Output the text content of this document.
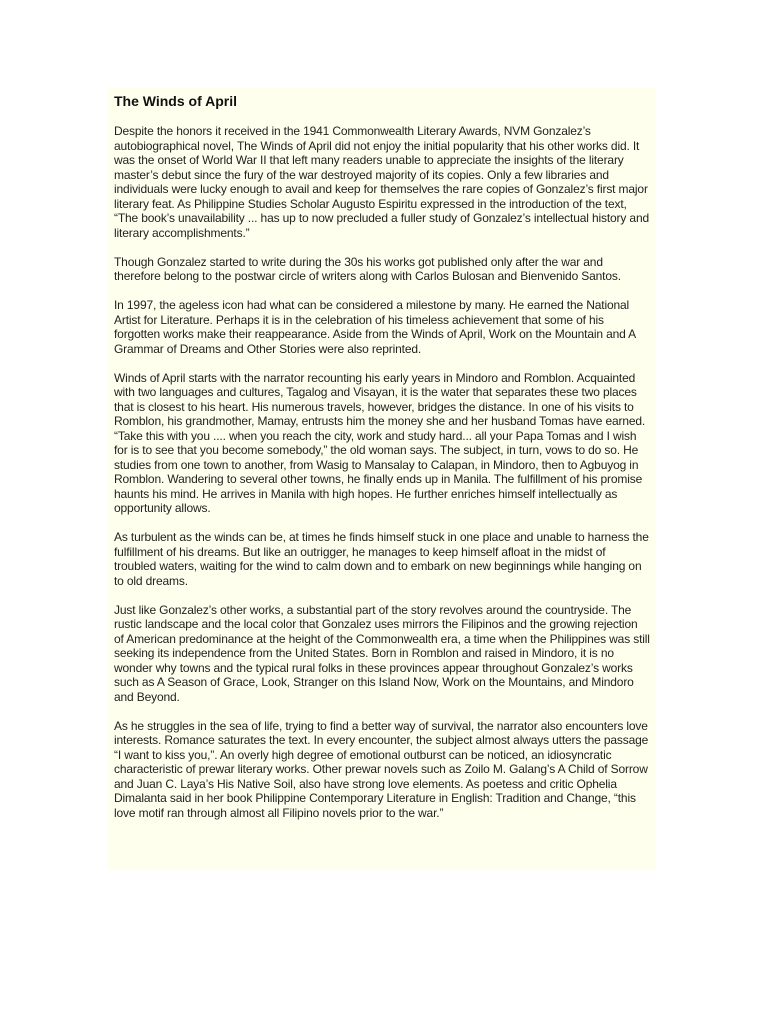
The Winds of April

Despite the honors it received in the 1941 Commonwealth Literary Awards, NVM Gonzalez’s autobiographical novel, The Winds of April did not enjoy the initial popularity that his other works did. It was the onset of World War II that left many readers unable to appreciate the insights of the literary master’s debut since the fury of the war destroyed majority of its copies. Only a few libraries and individuals were lucky enough to avail and keep for themselves the rare copies of Gonzalez’s first major literary feat. As Philippine Studies Scholar Augusto Espiritu expressed in the introduction of the text, “The book’s unavailability ... has up to now precluded a fuller study of Gonzalez’s intellectual history and literary accomplishments.”

Though Gonzalez started to write during the 30s his works got published only after the war and therefore belong to the postwar circle of writers along with Carlos Bulosan and Bienvenido Santos.

In 1997, the ageless icon had what can be considered a milestone by many. He earned the National Artist for Literature. Perhaps it is in the celebration of his timeless achievement that some of his forgotten works make their reappearance. Aside from the Winds of April, Work on the Mountain and A Grammar of Dreams and Other Stories were also reprinted.

Winds of April starts with the narrator recounting his early years in Mindoro and Romblon. Acquainted with two languages and cultures, Tagalog and Visayan, it is the water that separates these two places that is closest to his heart. His numerous travels, however, bridges the distance. In one of his visits to Romblon, his grandmother, Mamay, entrusts him the money she and her husband Tomas have earned. “Take this with you .... when you reach the city, work and study hard... all your Papa Tomas and I wish for is to see that you become somebody,” the old woman says. The subject, in turn, vows to do so. He studies from one town to another, from Wasig to Mansalay to Calapan, in Mindoro, then to Agbuyog in Romblon. Wandering to several other towns, he finally ends up in Manila. The fulfillment of his promise haunts his mind. He arrives in Manila with high hopes. He further enriches himself intellectually as opportunity allows.

As turbulent as the winds can be, at times he finds himself stuck in one place and unable to harness the fulfillment of his dreams. But like an outrigger, he manages to keep himself afloat in the midst of troubled waters, waiting for the wind to calm down and to embark on new beginnings while hanging on to old dreams.

Just like Gonzalez’s other works, a substantial part of the story revolves around the countryside. The rustic landscape and the local color that Gonzalez uses mirrors the Filipinos and the growing rejection of American predominance at the height of the Commonwealth era, a time when the Philippines was still seeking its independence from the United States. Born in Romblon and raised in Mindoro, it is no wonder why towns and the typical rural folks in these provinces appear throughout Gonzalez’s works such as A Season of Grace, Look, Stranger on this Island Now, Work on the Mountains, and Mindoro and Beyond.

As he struggles in the sea of life, trying to find a better way of survival, the narrator also encounters love interests. Romance saturates the text. In every encounter, the subject almost always utters the passage “I want to kiss you,”. An overly high degree of emotional outburst can be noticed, an idiosyncratic characteristic of prewar literary works. Other prewar novels such as Zoilo M. Galang’s A Child of Sorrow and Juan C. Laya’s His Native Soil, also have strong love elements. As poetess and critic Ophelia Dimalanta said in her book Philippine Contemporary Literature in English: Tradition and Change, “this love motif ran through almost all Filipino novels prior to the war.”
